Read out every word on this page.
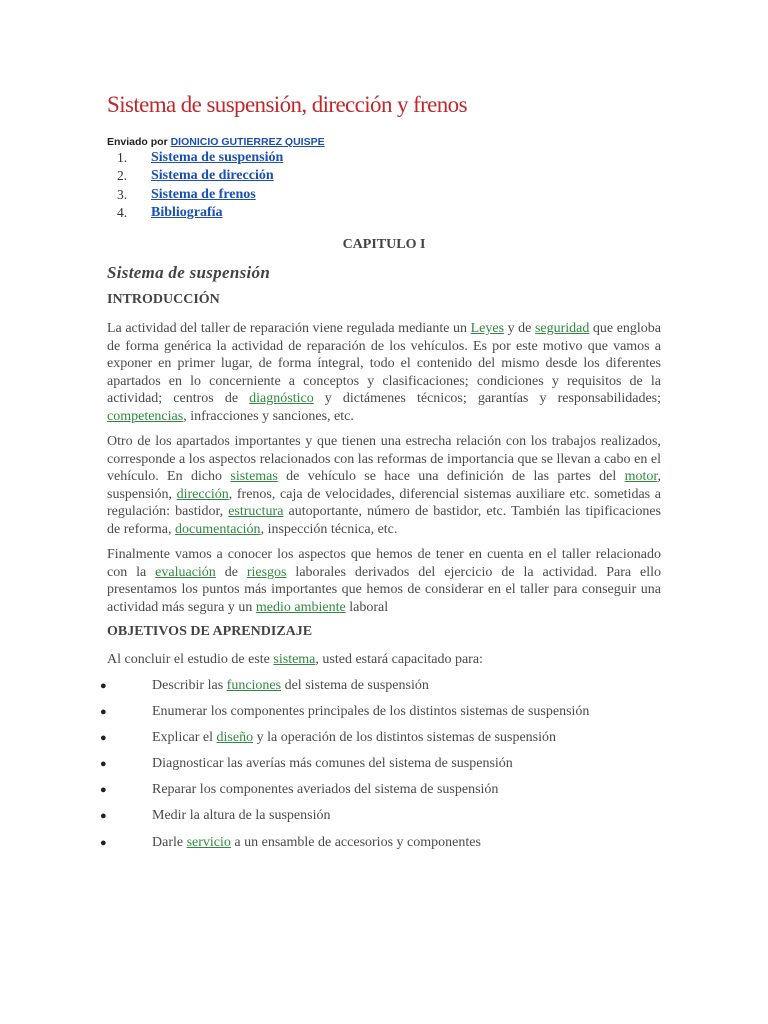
Sistema de suspensión, dirección y frenos
Enviado por DIONICIO GUTIERREZ QUISPE
1. Sistema de suspensión
2. Sistema de dirección
3. Sistema de frenos
4. Bibliografía
CAPITULO I
Sistema de suspensión
INTRODUCCIÓN

La actividad del taller de reparación viene regulada mediante un Leyes y de seguridad que engloba de forma genérica la actividad de reparación de los vehículos. Es por este motivo que vamos a exponer en primer lugar, de forma íntegral, todo el contenido del mismo desde los diferentes apartados en lo concerniente a conceptos y clasificaciones; condiciones y requisitos de la actividad; centros de diagnóstico y dictámenes técnicos; garantías y responsabilidades; competencias, infracciones y sanciones, etc.

Otro de los apartados importantes y que tienen una estrecha relación con los trabajos realizados, corresponde a los aspectos relacionados con las reformas de importancia que se llevan a cabo en el vehículo. En dicho sistemas de vehículo se hace una definición de las partes del motor, suspensión, dirección, frenos, caja de velocidades, diferencial sistemas auxiliare etc. sometidas a regulación: bastidor, estructura autoportante, número de bastidor, etc. También las tipificaciones de reforma, documentación, inspección técnica, etc.

Finalmente vamos a conocer los aspectos que hemos de tener en cuenta en el taller relacionado con la evaluación de riesgos laborales derivados del ejercicio de la actividad. Para ello presentamos los puntos más importantes que hemos de considerar en el taller para conseguir una actividad más segura y un medio ambiente laboral

OBJETIVOS DE APRENDIZAJE

Al concluir el estudio de este sistema, usted estará capacitado para:

●	Describir las funciones del sistema de suspensión
●	Enumerar los componentes principales de los distintos sistemas de suspensión
●	Explicar el diseño y la operación de los distintos sistemas de suspensión
●	Diagnosticar las averías más comunes del sistema de suspensión
●	Reparar los componentes averiados del sistema de suspensión
●	Medir la altura de la suspensión
●	Darle servicio a un ensamble de accesorios y componentes
